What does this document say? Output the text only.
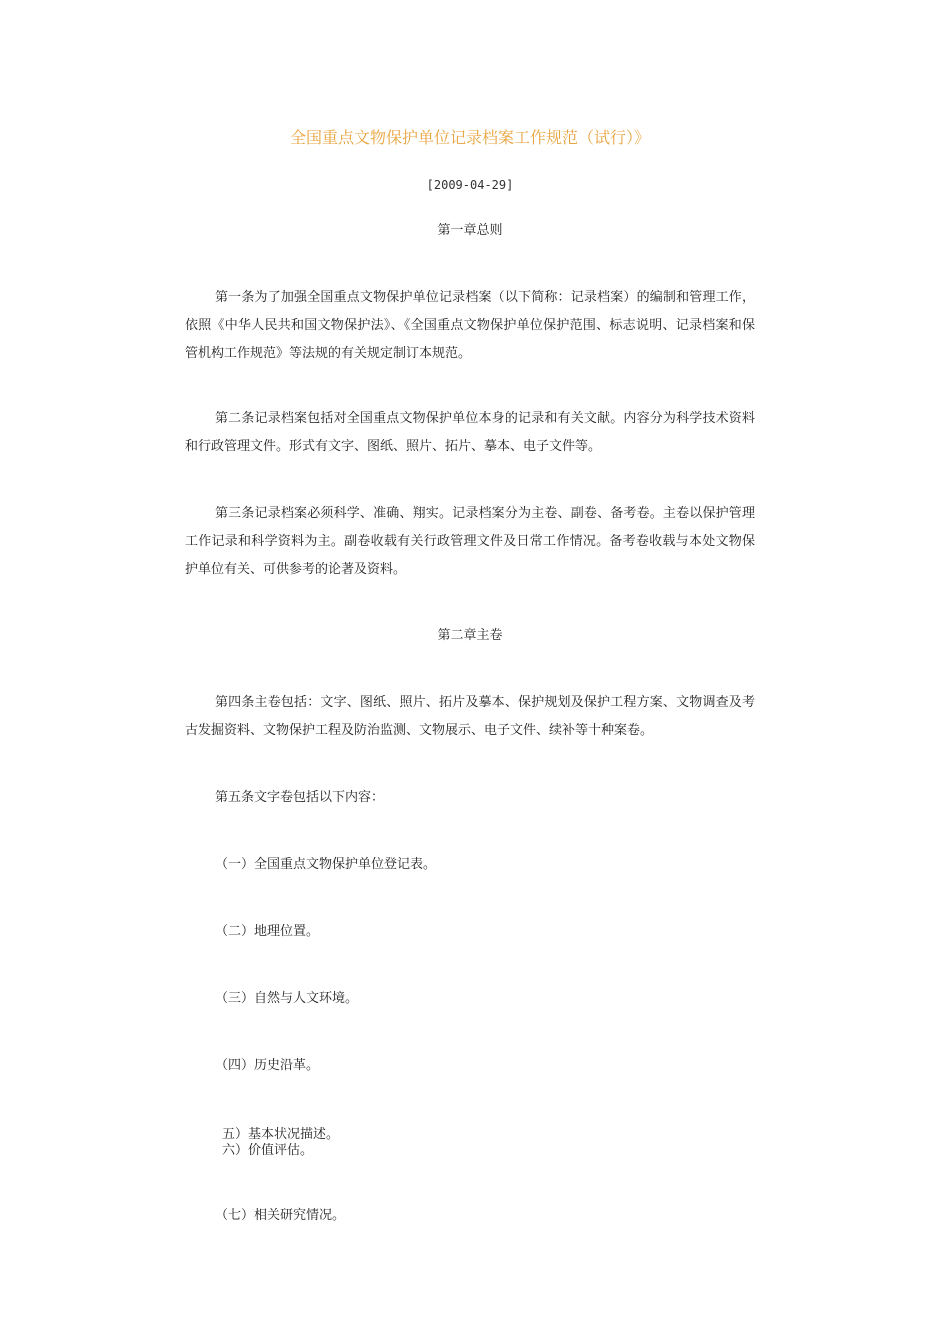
全国重点文物保护单位记录档案工作规范（试行）》
[2009-04-29]
第一章总则

第一条为了加强全国重点文物保护单位记录档案（以下简称：记录档案）的编制和管理工作，依照《中华人民共和国文物保护法》、《全国重点文物保护单位保护范围、标志说明、记录档案和保管机构工作规范》等法规的有关规定制订本规范。

第二条记录档案包括对全国重点文物保护单位本身的记录和有关文献。内容分为科学技术资料和行政管理文件。形式有文字、图纸、照片、拓片、摹本、电子文件等。

第三条记录档案必须科学、准确、翔实。记录档案分为主卷、副卷、备考卷。主卷以保护管理工作记录和科学资料为主。副卷收载有关行政管理文件及日常工作情况。备考卷收载与本处文物保护单位有关、可供参考的论著及资料。

第二章主卷

第四条主卷包括：文字、图纸、照片、拓片及摹本、保护规划及保护工程方案、文物调查及考古发掘资料、文物保护工程及防治监测、文物展示、电子文件、续补等十种案卷。

第五条文字卷包括以下内容：

（一）全国重点文物保护单位登记表。

（二）地理位置。

（三）自然与人文环境。

（四）历史沿革。

五）基本状况描述。

六）价值评估。

（七）相关研究情况。
